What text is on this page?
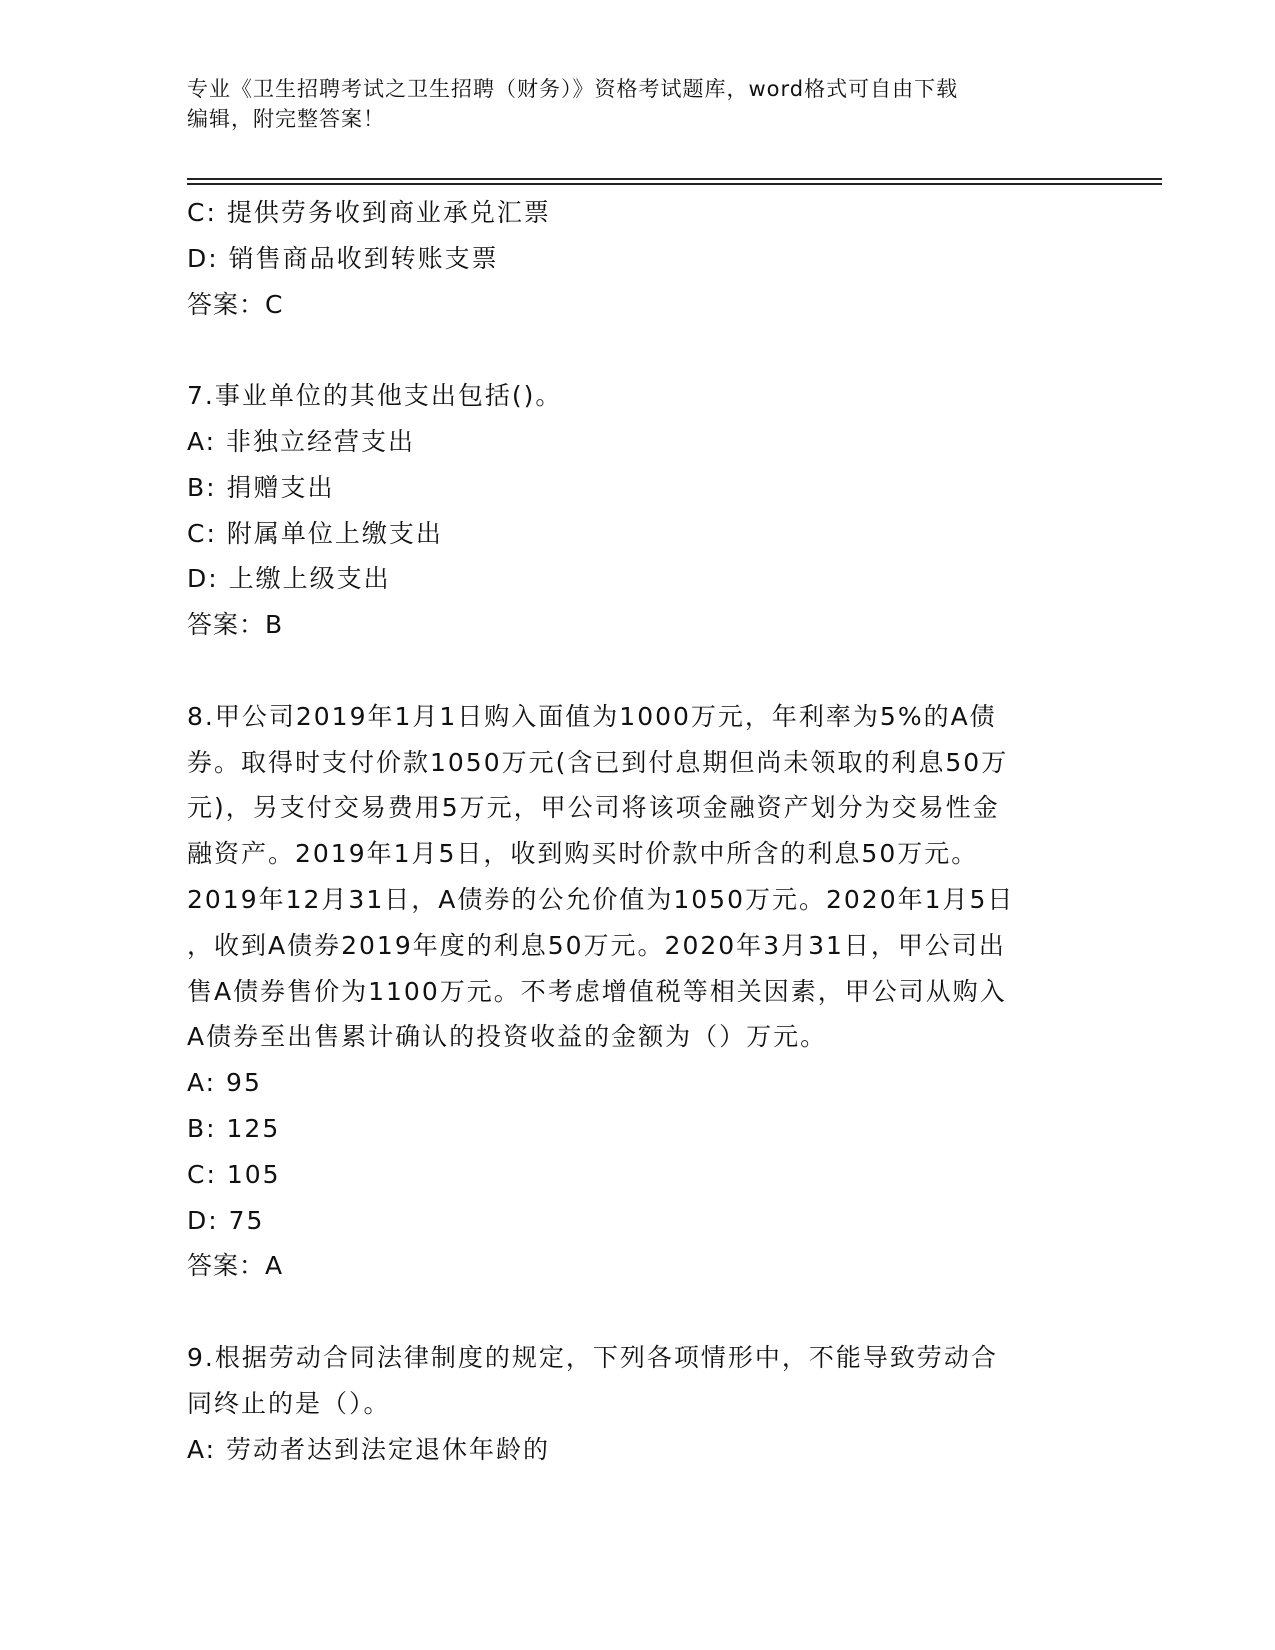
专业《卫生招聘考试之卫生招聘（财务）》资格考试题库，word格式可自由下载
编辑，附完整答案！

C: 提供劳务收到商业承兑汇票

D: 销售商品收到转账支票

答案：C

7.事业单位的其他支出包括()。

A: 非独立经营支出

B: 捐赠支出

C: 附属单位上缴支出

D: 上缴上级支出

答案：B

8.甲公司2019年1月1日购入面值为1000万元，年利率为5%的A债

券。取得时支付价款1050万元(含已到付息期但尚未领取的利息50万

元)，另支付交易费用5万元，甲公司将该项金融资产划分为交易性金

融资产。2019年1月5日，收到购买时价款中所含的利息50万元。

2019年12月31日，A债券的公允价值为1050万元。2020年1月5日

，收到A债券2019年度的利息50万元。2020年3月31日，甲公司出

售A债券售价为1100万元。不考虑增值税等相关因素，甲公司从购入

A债券至出售累计确认的投资收益的金额为（）万元。

A: 95

B: 125

C: 105

D: 75

答案：A

9.根据劳动合同法律制度的规定，下列各项情形中，不能导致劳动合

同终止的是（）。

A: 劳动者达到法定退休年龄的
